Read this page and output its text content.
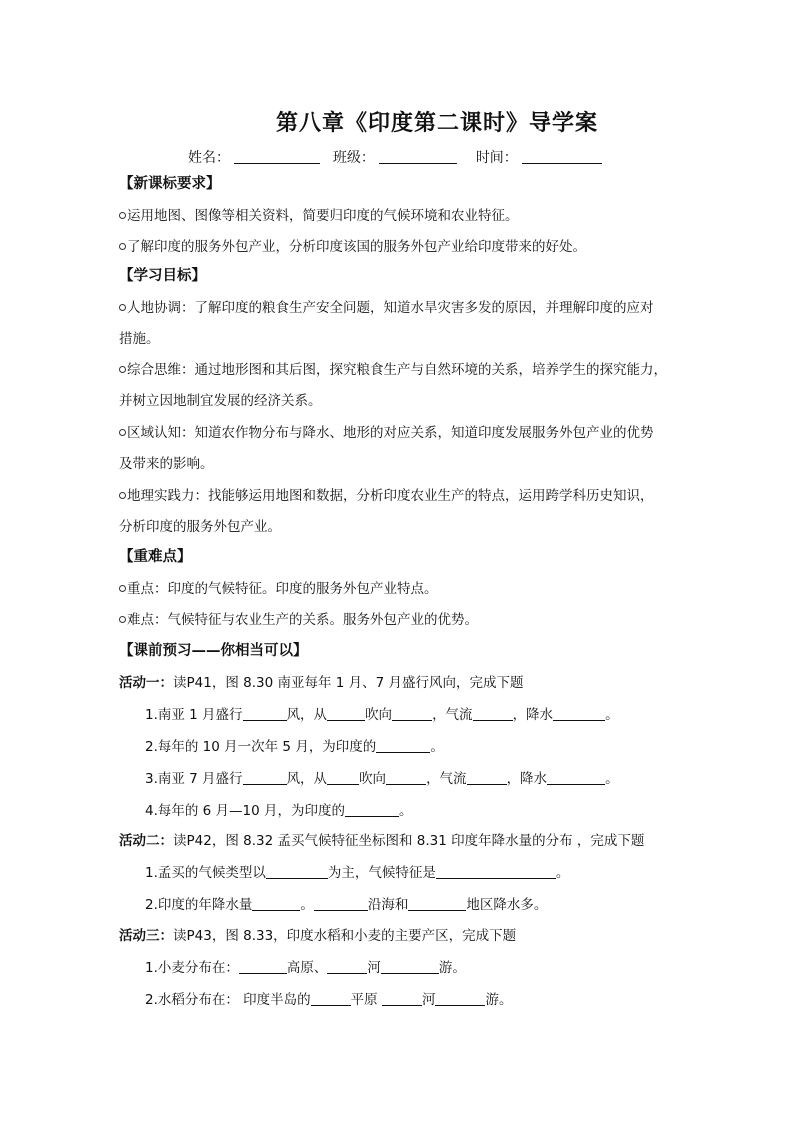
第八章《印度第二课时》导学案
姓名：	班级：	时间：
【新课标要求】
运用地图、图像等相关资料，简要归印度的气候环境和农业特征。
了解印度的服务外包产业，分析印度该国的服务外包产业给印度带来的好处。
【学习目标】
人地协调：了解印度的粮食生产安全问题，知道水旱灾害多发的原因，并理解印度的应对
措施。
综合思维：通过地形图和其后图，探究粮食生产与自然环境的关系，培养学生的探究能力，
并树立因地制宜发展的经济关系。
区域认知：知道农作物分布与降水、地形的对应关系，知道印度发展服务外包产业的优势
及带来的影响。
地理实践力：找能够运用地图和数据，分析印度农业生产的特点，运用跨学科历史知识，
分析印度的服务外包产业。
【重难点】
重点：印度的气候特征。印度的服务外包产业特点。
难点：气候特征与农业生产的关系。服务外包产业的优势。
【课前预习——你相当可以】
活动一：读P41，图 8.30 南亚每年 1 月、7 月盛行风向，完成下题
1.南亚 1 月盛行	风，从	吹向	，气流	，降水	。
2.每年的 10 月一次年 5 月，为印度的	。
3.南亚 7 月盛行	风，从 吹向	，气流	，降水	。
4.每年的 6 月—10 月，为印度的	。
活动二：读P42，图 8.32 孟买气候特征坐标图和 8.31 印度年降水量的分布 ，完成下题
1.孟买的气候类型以	为主，气候特征是	。
2.印度的年降水量	。	沿海和	地区降水多。
活动三：读P43，图 8.33，印度水稻和小麦的主要产区，完成下题
1.小麦分布在：	高原、	河	游。
2.水稻分布在： 印度半岛的	平原	河	游。
